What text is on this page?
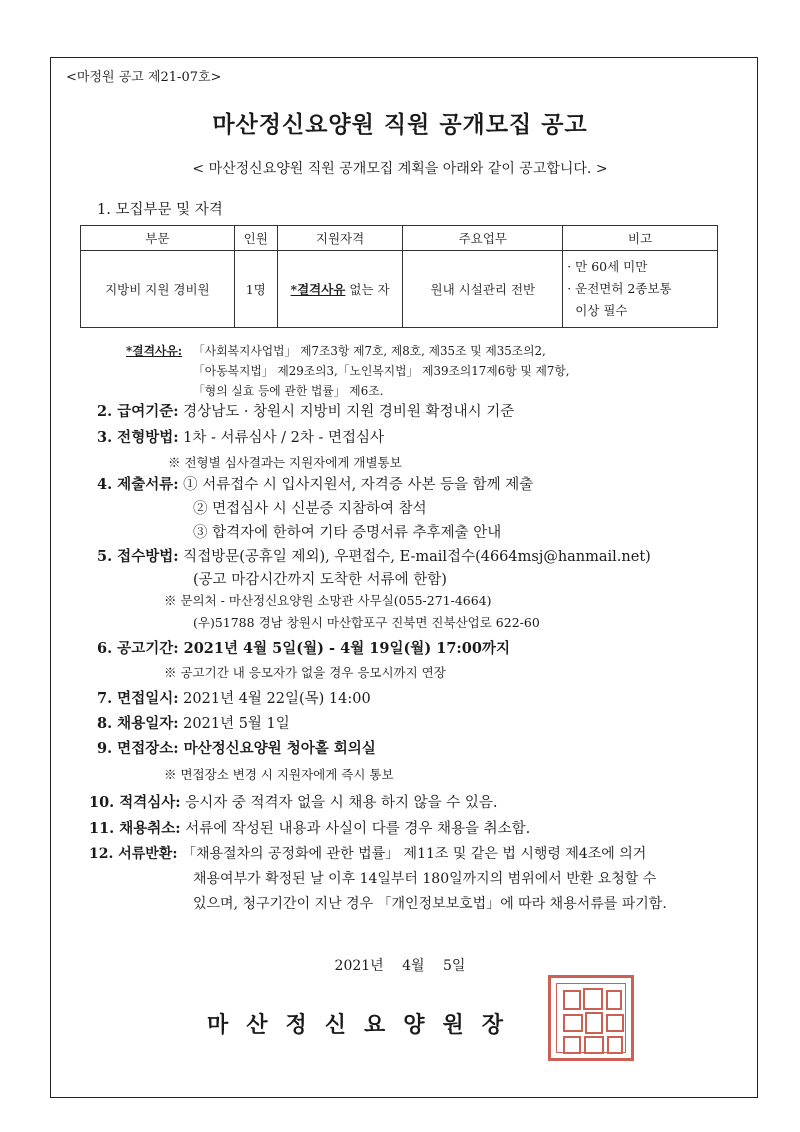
<마정원 공고 제21-07호>
마산정신요양원 직원 공개모집 공고
< 마산정신요양원 직원 공개모집 계획을 아래와 같이 공고합니다. >
1. 모집부문 및 자격
부문	인원	지원자격	주요업무	비고
지방비 지원 경비원	1명	*결격사유 없는 자	원내 시설관리 전반	· 만 60세 미만
· 운전면허 2종보통
이상 필수
*결격사유: 「사회복지사업법」 제7조3항 제7호, 제8호, 제35조 및 제35조의2,
「아동복지법」 제29조의3,「노인복지법」 제39조의17제6항 및 제7항,
「형의 실효 등에 관한 법률」 제6조.
2. 급여기준: 경상남도 · 창원시 지방비 지원 경비원 확정내시 기준
3. 전형방법: 1차 - 서류심사 / 2차 - 면접심사
※ 전형별 심사결과는 지원자에게 개별통보
4. 제출서류: ① 서류접수 시 입사지원서, 자격증 사본 등을 함께 제출
② 면접심사 시 신분증 지참하여 참석
③ 합격자에 한하여 기타 증명서류 추후제출 안내
5. 접수방법: 직접방문(공휴일 제외), 우편접수, E-mail접수(4664msj@hanmail.net)
(공고 마감시간까지 도착한 서류에 한함)
※ 문의처 - 마산정신요양원 소망관 사무실(055-271-4664)
(우)51788 경남 창원시 마산합포구 진북면 진북산업로 622-60
6. 공고기간: 2021년 4월 5일(월) - 4월 19일(월) 17:00까지
※ 공고기간 내 응모자가 없을 경우 응모시까지 연장
7. 면접일시: 2021년 4월 22일(목) 14:00
8. 채용일자: 2021년 5월 1일
9. 면접장소: 마산정신요양원 청아홀 회의실
※ 면접장소 변경 시 지원자에게 즉시 통보
10. 적격심사: 응시자 중 적격자 없을 시 채용 하지 않을 수 있음.
11. 채용취소: 서류에 작성된 내용과 사실이 다를 경우 채용을 취소함.
12. 서류반환: 「채용절차의 공정화에 관한 법률」 제11조 및 같은 법 시행령 제4조에 의거
채용여부가 확정된 날 이후 14일부터 180일까지의 범위에서 반환 요청할 수
있으며, 청구기간이 지난 경우 「개인정보보호법」에 따라 채용서류를 파기함.
2021년 4월 5일
마산정신요양원장
